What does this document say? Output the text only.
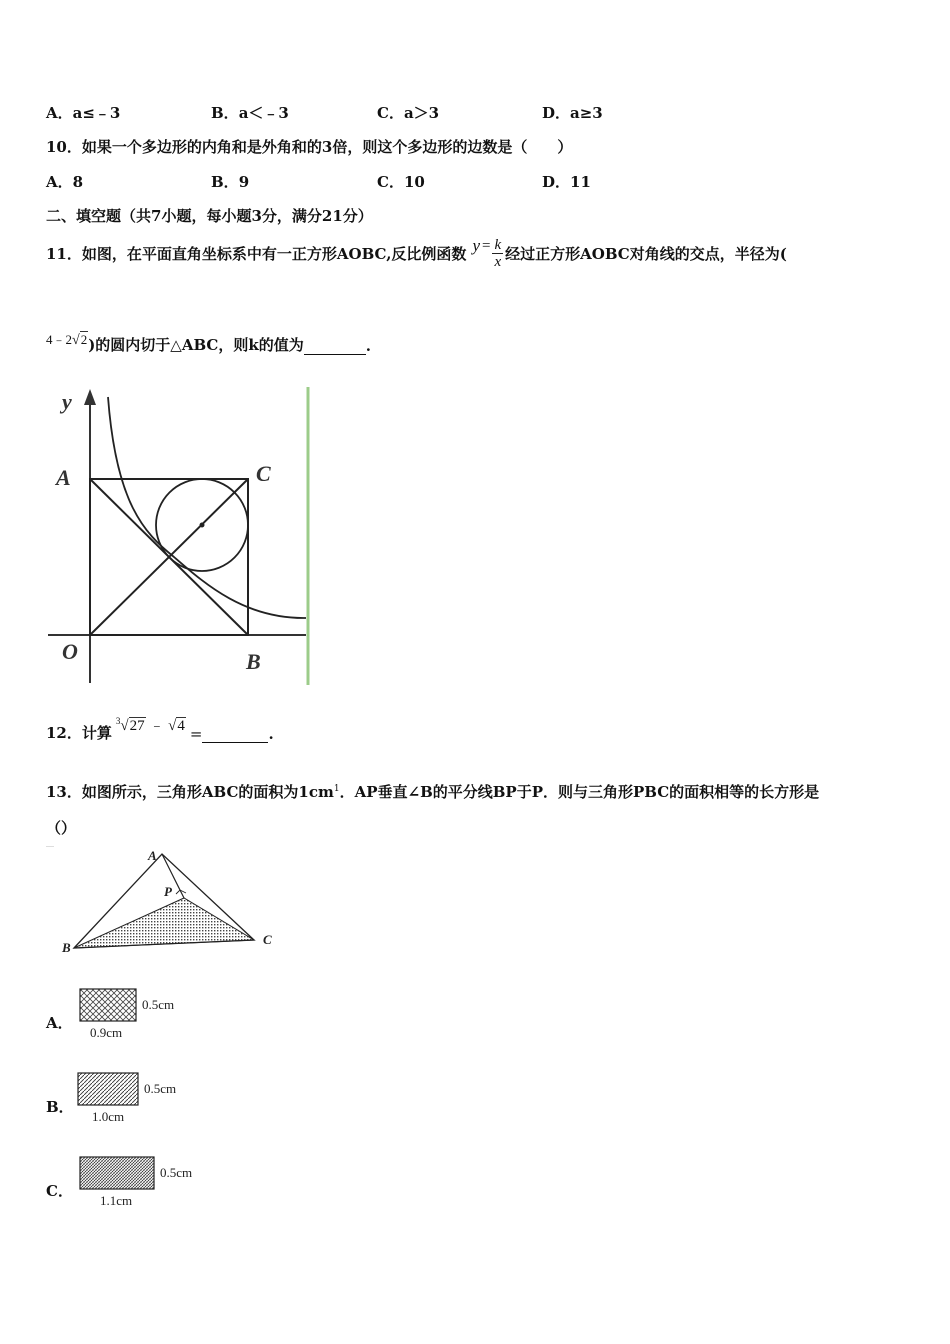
A．a≤﹣3	B．a＜﹣3	C．a＞3	D．a≥3
10．如果一个多边形的内角和是外角和的3倍，则这个多边形的边数是（　　）
A．8	B．9	C．10	D．11
二、填空题（共7小题，每小题3分，满分21分）
11． 如图，在平面直角坐标系中有一正方形AOBC,反比例函数 $y = \frac{k}{x}$ 经过正方形AOBC对角线的交点，半径为(
4﹣2√2 )的圆内切于△ABC，则k的值为	.
y
A	C
O	B
12． 计算
$^3$√27 ﹣ √4 =	.
13．如图所示，三角形ABC的面积为$1cm^1$．AP垂直∠B的平分线BP于P．则与三角形PBC的面积相等的长方形是
（）
A
P
B
C
A．
0.5cm
0.9cm
B．
0.5cm
1.0cm
C．
0.5cm
1.1cm
